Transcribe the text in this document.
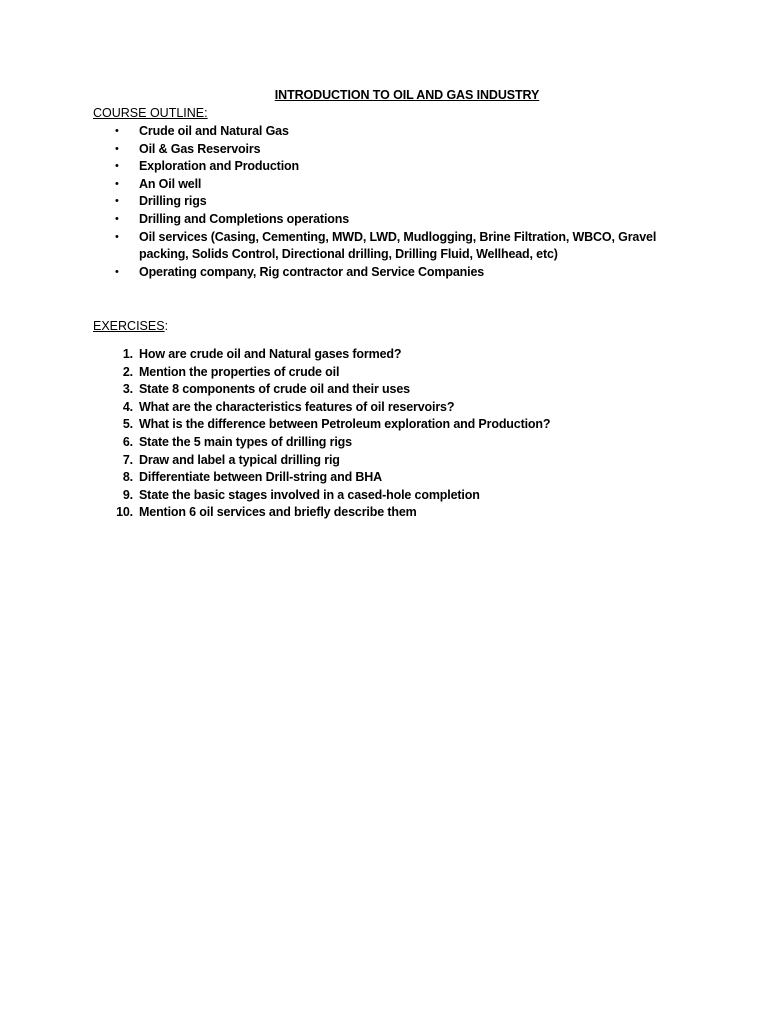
INTRODUCTION TO OIL AND GAS INDUSTRY
COURSE OUTLINE:
• Crude oil and Natural Gas
• Oil & Gas Reservoirs
• Exploration and Production
• An Oil well
• Drilling rigs
• Drilling and Completions operations
• Oil services (Casing, Cementing, MWD, LWD, Mudlogging, Brine Filtration, WBCO, Gravel packing, Solids Control, Directional drilling, Drilling Fluid, Wellhead, etc)
• Operating company, Rig contractor and Service Companies
EXERCISES:
1. How are crude oil and Natural gases formed?
2. Mention the properties of crude oil
3. State 8 components of crude oil and their uses
4. What are the characteristics features of oil reservoirs?
5. What is the difference between Petroleum exploration and Production?
6. State the 5 main types of drilling rigs
7. Draw and label a typical drilling rig
8. Differentiate between Drill-string and BHA
9. State the basic stages involved in a cased-hole completion
10. Mention 6 oil services and briefly describe them
